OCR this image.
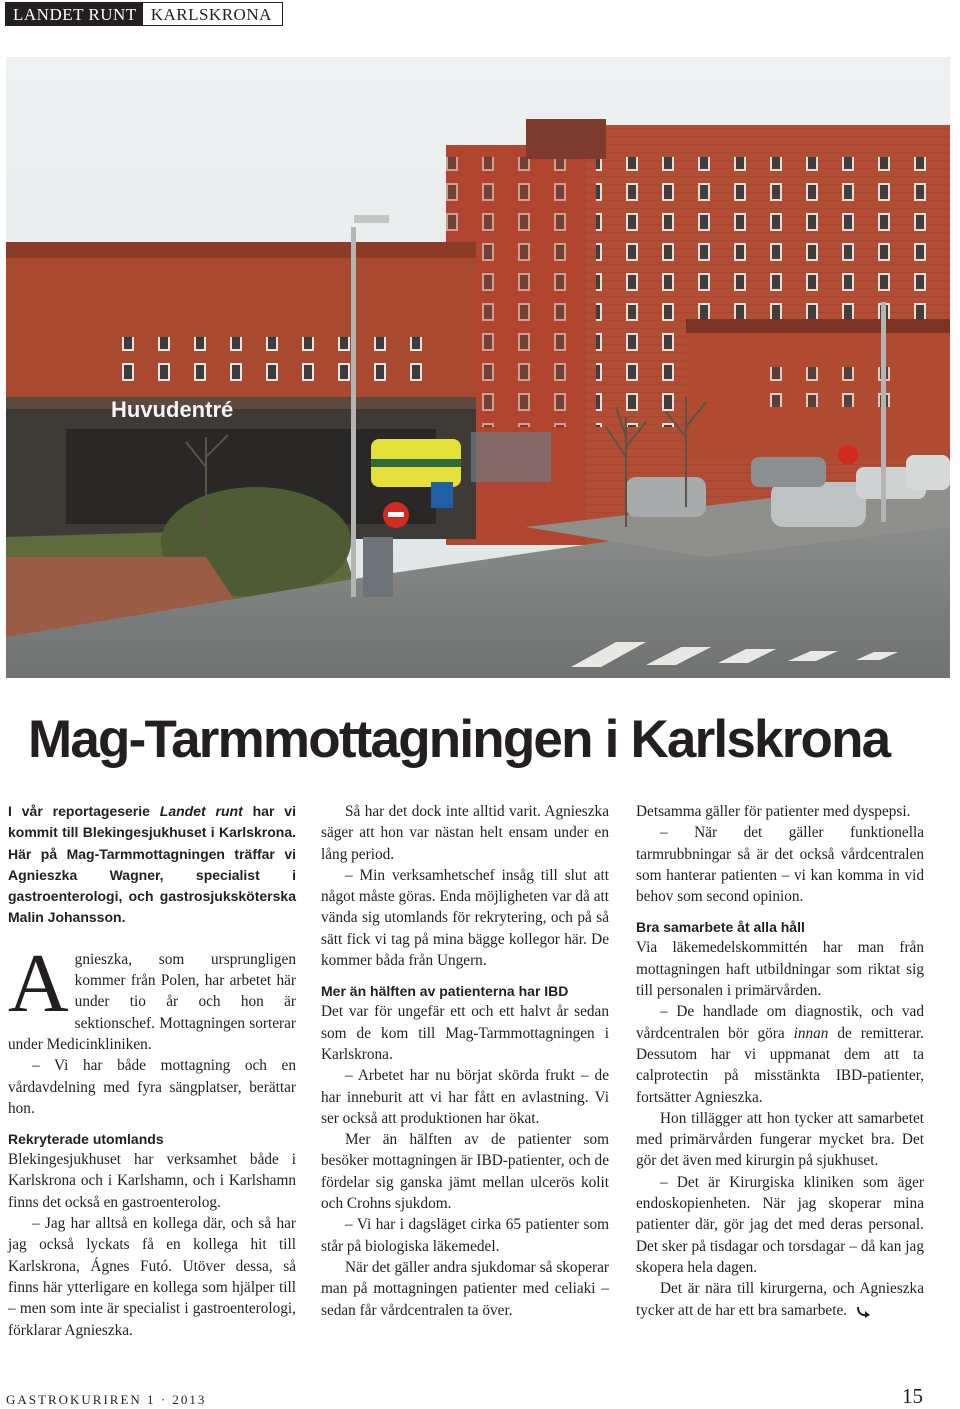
LANDET RUNT KARLSKRONA
Huvudentré
Mag-Tarmmottagningen i Karlskrona

I vår reportageserie Landet runt har vi kommit till Blekingesjukhuset i Karlskrona. Här på Mag-Tarmmottagningen träffar vi Agnieszka Wagner, specialist i gastroenterologi, och gastrosjuksköterska Malin Johansson.

Agnieszka, som ursprungligen kommer från Polen, har arbetet här under tio år och hon är sektionschef. Mottagningen sorterar under Medicinkliniken.

– Vi har både mottagning och en vårdavdelning med fyra sängplatser, berättar hon.

Rekryterade utomlands

Blekingesjukhuset har verksamhet både i Karlskrona och i Karlshamn, och i Karlshamn finns det också en gastroenterolog.

– Jag har alltså en kollega där, och så har jag också lyckats få en kollega hit till Karlskrona, Ágnes Futó. Utöver dessa, så finns här ytterligare en kollega som hjälper till – men som inte är specialist i gastroenterologi, förklarar Agnieszka.

Så har det dock inte alltid varit. Agnieszka säger att hon var nästan helt ensam under en lång period.

– Min verksamhetschef insåg till slut att något måste göras. Enda möjligheten var då att vända sig utomlands för rekrytering, och på så sätt fick vi tag på mina bägge kollegor här. De kommer båda från Ungern.

Mer än hälften av patienterna har IBD

Det var för ungefär ett och ett halvt år sedan som de kom till Mag-Tarmmottagningen i Karlskrona.

– Arbetet har nu börjat skörda frukt – de har inneburit att vi har fått en avlastning. Vi ser också att produktionen har ökat.

Mer än hälften av de patienter som besöker mottagningen är IBD-patienter, och de fördelar sig ganska jämt mellan ulcerös kolit och Crohns sjukdom.

– Vi har i dagsläget cirka 65 patienter som står på biologiska läkemedel.

När det gäller andra sjukdomar så skoperar man på mottagningen patienter med celiaki – sedan får vårdcentralen ta över.

Detsamma gäller för patienter med dyspepsi.

– När det gäller funktionella tarmrubbningar så är det också vårdcentralen som hanterar patienten – vi kan komma in vid behov som second opinion.

Bra samarbete åt alla håll

Via läkemedelskommittén har man från mottagningen haft utbildningar som riktat sig till personalen i primärvården.

– De handlade om diagnostik, och vad vårdcentralen bör göra innan de remitterar. Dessutom har vi uppmanat dem att ta calprotectin på misstänkta IBD-patienter, fortsätter Agnieszka.

Hon tillägger att hon tycker att samarbetet med primärvården fungerar mycket bra. Det gör det även med kirurgin på sjukhuset.

– Det är Kirurgiska kliniken som äger endoskopienheten. När jag skoperar mina patienter där, gör jag det med deras personal. Det sker på tisdagar och torsdagar – då kan jag skopera hela dagen.

Det är nära till kirurgerna, och Agnieszka tycker att de har ett bra samarbete.

GASTROKURIREN 1 · 2013	15
